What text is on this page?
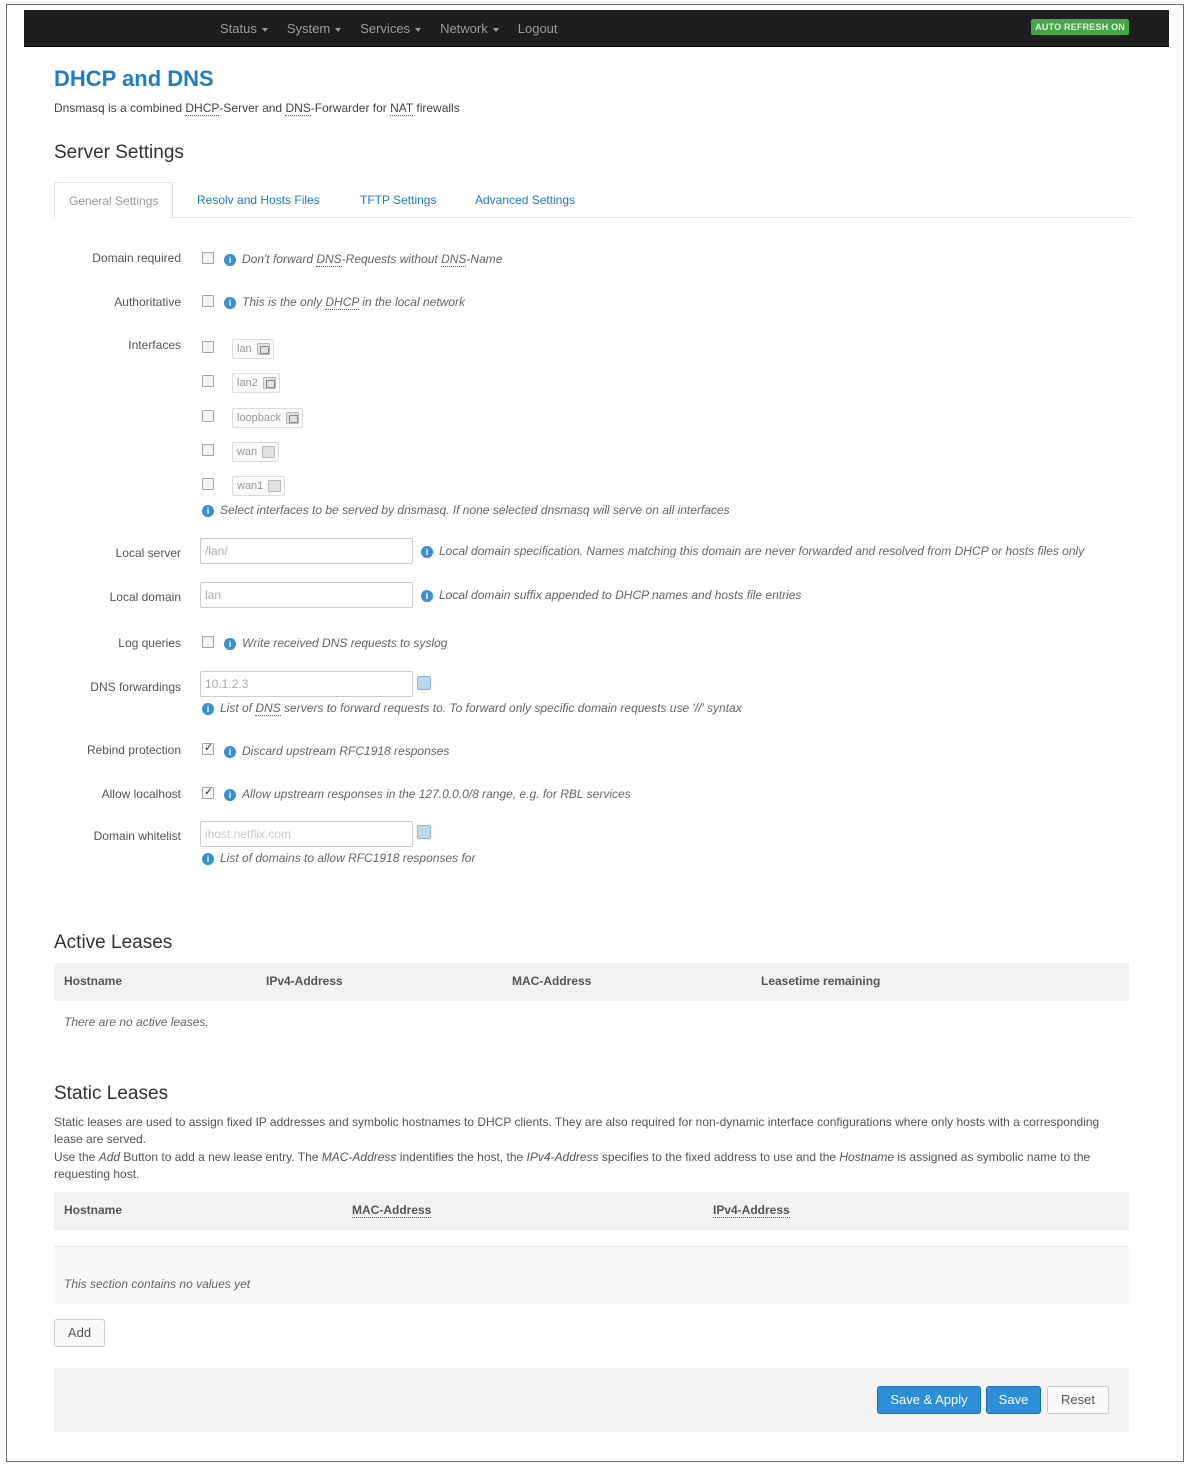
Status System Services Network Logout	AUTO REFRESH ON
DHCP and DNS
Dnsmasq is a combined DHCP-Server and DNS-Forwarder for NAT firewalls
Server Settings
General Settings	Resolv and Hosts Files	TFTP Settings	Advanced Settings
Domain required	i Don't forward DNS-Requests without DNS-Name
Authoritative	i This is the only DHCP in the local network
Interfaces	lan
lan2
loopback
wan
wan1
i Select interfaces to be served by dnsmasq. If none selected dnsmasq will serve on all interfaces
Local server	/lan/	i Local domain specification. Names matching this domain are never forwarded and resolved from DHCP or hosts files only
Local domain	lan	i Local domain suffix appended to DHCP names and hosts file entries
Log queries	i Write received DNS requests to syslog
DNS forwardings	10.1.2.3
i List of DNS servers to forward requests to. To forward only specific domain requests use '//' syntax
Rebind protection ✓	i Discard upstream RFC1918 responses
Allow localhost ✓	i Allow upstream responses in the 127.0.0.0/8 range, e.g. for RBL services
Domain whitelist	ihost.netflix.com
i List of domains to allow RFC1918 responses for
Active Leases
Hostname	IPv4-Address	MAC-Address	Leasetime remaining
There are no active leases.
Static Leases
Static leases are used to assign fixed IP addresses and symbolic hostnames to DHCP clients. They are also required for non-dynamic interface configurations where only hosts with a corresponding lease are served.
Use the Add Button to add a new lease entry. The MAC-Address indentifies the host, the IPv4-Address specifies to the fixed address to use and the Hostname is assigned as symbolic name to the requesting host.
Hostname	MAC-Address	IPv4-Address
This section contains no values yet
Add
Save & Apply	Save	Reset
